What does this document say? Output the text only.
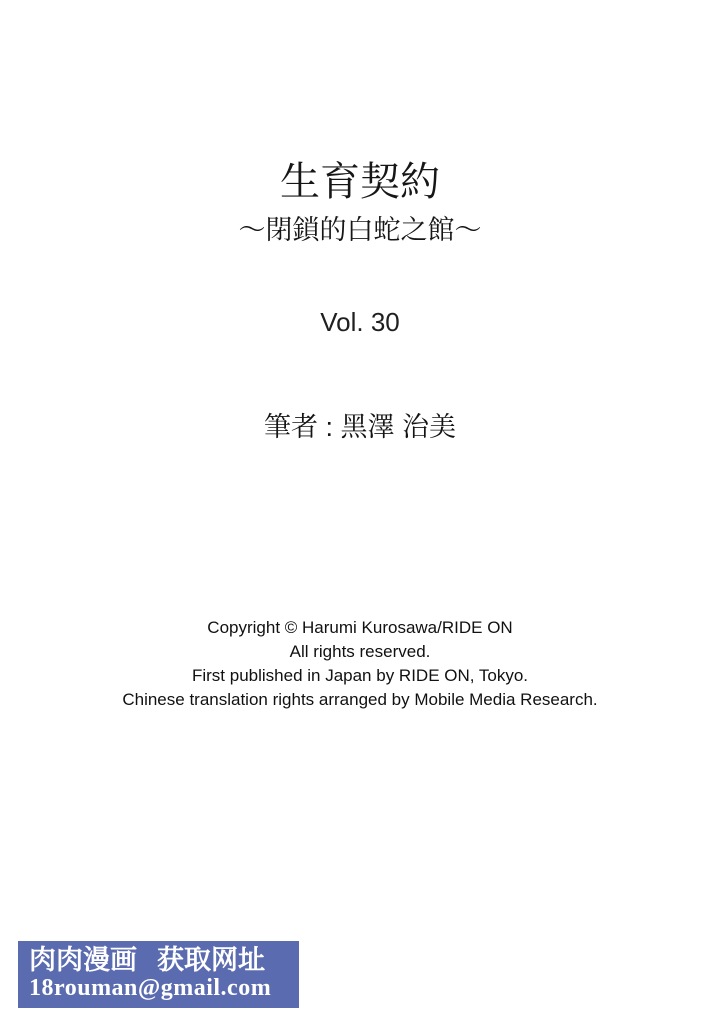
生育契約
～閉鎖的白蛇之館～
Vol. 30
筆者 : 黑澤 治美
Copyright © Harumi Kurosawa/RIDE ON
All rights reserved.
First published in Japan by RIDE ON, Tokyo.
Chinese translation rights arranged by Mobile Media Research.
肉肉漫画 获取网址
18rouman@gmail.com
